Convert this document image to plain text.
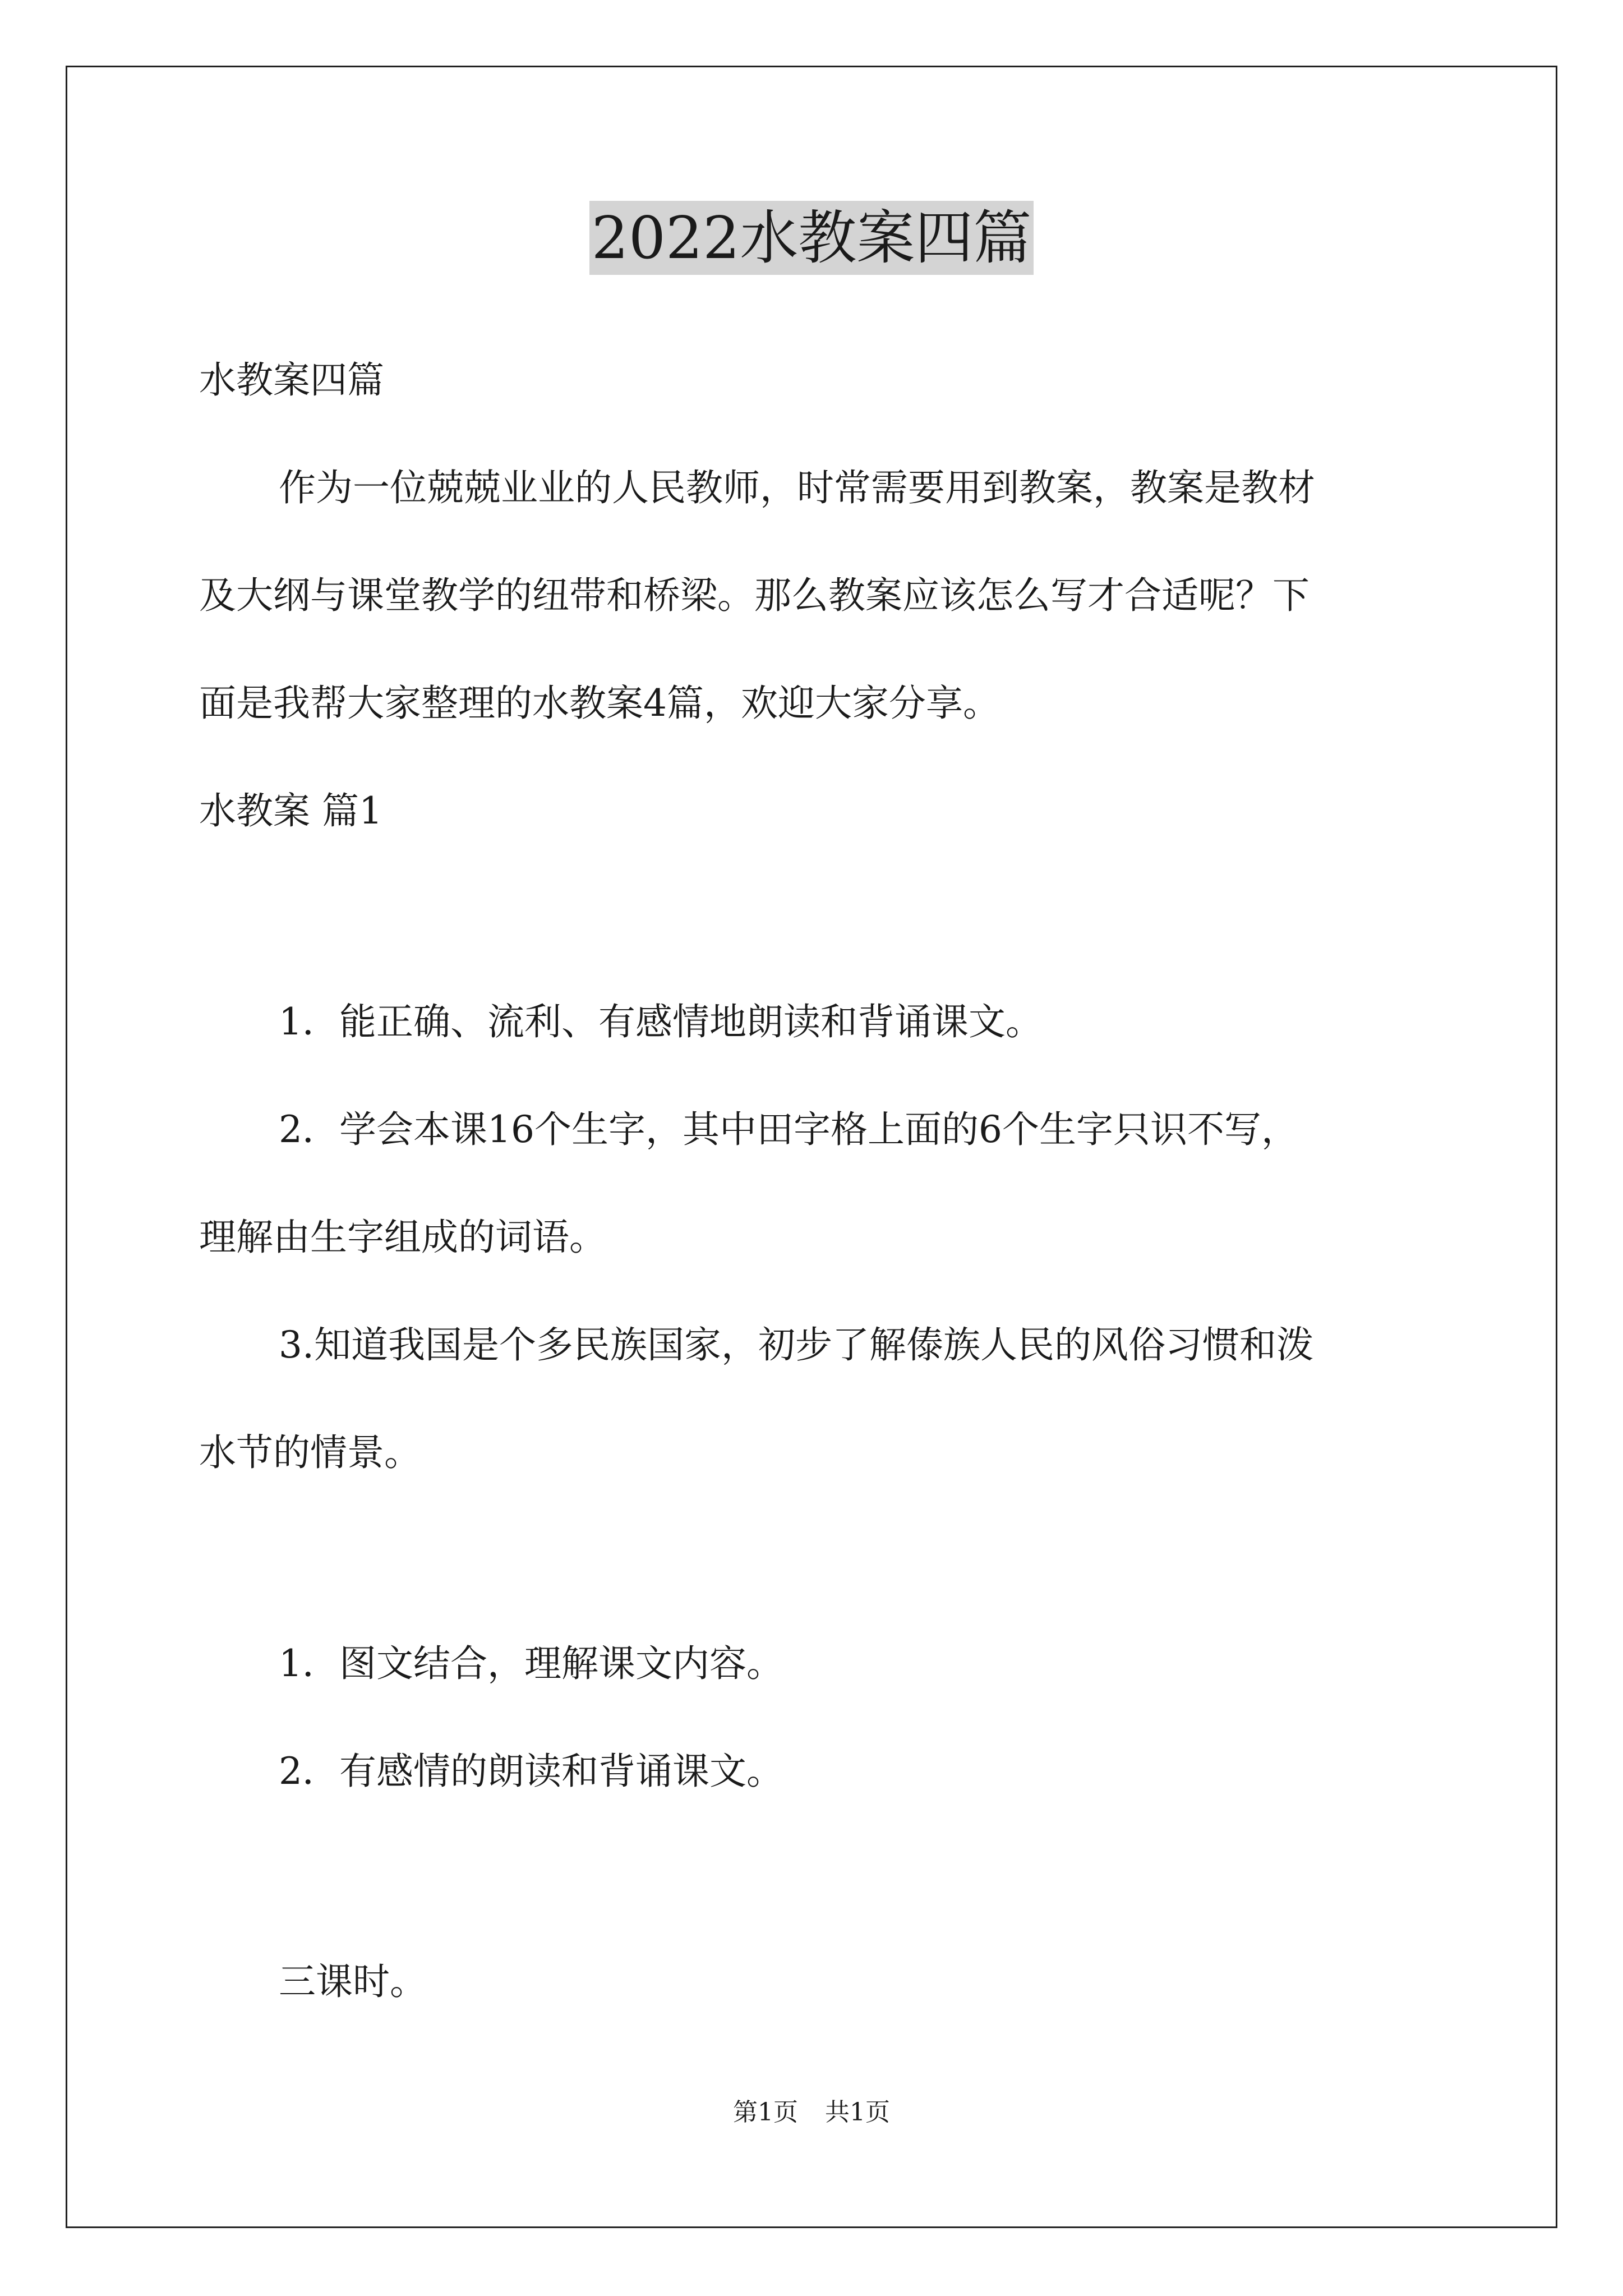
2022水教案四篇

水教案四篇

作为一位兢兢业业的人民教师，时常需要用到教案，教案是教材

及大纲与课堂教学的纽带和桥梁。那么教案应该怎么写才合适呢？下

面是我帮大家整理的水教案4篇，欢迎大家分享。

水教案 篇1

1．能正确、流利、有感情地朗读和背诵课文。

2．学会本课16个生字，其中田字格上面的6个生字只识不写，

理解由生字组成的词语。

3.知道我国是个多民族国家，初步了解傣族人民的风俗习惯和泼

水节的情景。

1．图文结合，理解课文内容。

2．有感情的朗读和背诵课文。

三课时。

第1页 共1页
